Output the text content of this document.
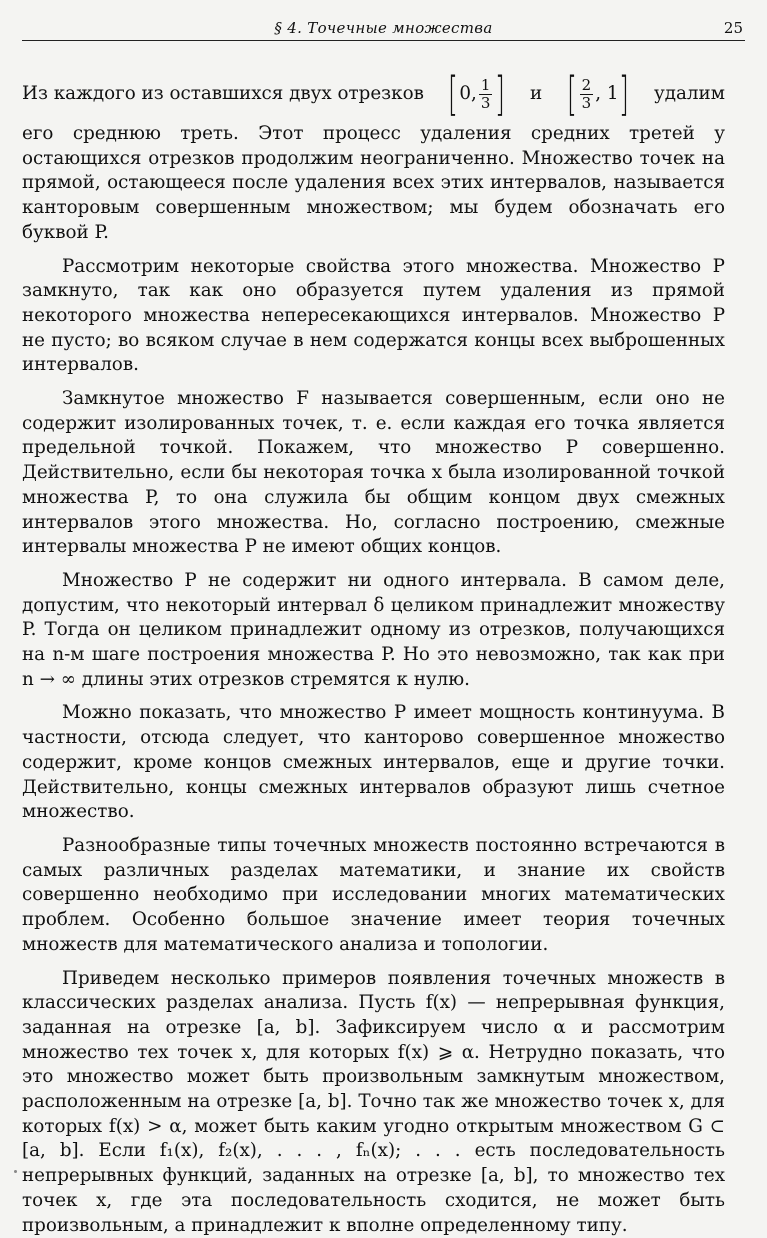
§ 4. Точечные множества	25
Из каждого из оставшихся двух отрезков [ 0, $\frac{1}{3}$ ] и [ $\frac{2}{3}$ , 1 ] удалим

его среднюю треть. Этот процесс удаления средних третей у остающихся отрезков продолжим неограниченно. Множество точек на прямой, остающееся после удаления всех этих интервалов, называется канторовым совершенным множеством; мы будем обозначать его буквой P.

Рассмотрим некоторые свойства этого множества. Множество P замкнуто, так как оно образуется путем удаления из прямой некоторого множества непересекающихся интервалов. Множество P не пусто; во всяком случае в нем содержатся концы всех выброшенных интервалов.

Замкнутое множество F называется совершенным, если оно не содержит изолированных точек, т. е. если каждая его точка является предельной точкой. Покажем, что множество P совершенно. Действительно, если бы некоторая точка x была изолированной точкой множества P, то она служила бы общим концом двух смежных интервалов этого множества. Но, согласно построению, смежные интервалы множества P не имеют общих концов.

Множество P не содержит ни одного интервала. В самом деле, допустим, что некоторый интервал δ целиком принадлежит множеству P. Тогда он целиком принадлежит одному из отрезков, получающихся на n-м шаге построения множества P. Но это невозможно, так как при n → ∞ длины этих отрезков стремятся к нулю.

Можно показать, что множество P имеет мощность континуума. В частности, отсюда следует, что канторово совершенное множество содержит, кроме концов смежных интервалов, еще и другие точки. Действительно, концы смежных интервалов образуют лишь счетное множество.

Разнообразные типы точечных множеств постоянно встречаются в самых различных разделах математики, и знание их свойств совершенно необходимо при исследовании многих математических проблем. Особенно большое значение имеет теория точечных множеств для математического анализа и топологии.

Приведем несколько примеров появления точечных множеств в классических разделах анализа. Пусть f(x) — непрерывная функция, заданная на отрезке [a, b]. Зафиксируем число α и рассмотрим множество тех точек x, для которых f(x) ⩾ α. Нетрудно показать, что это множество может быть произвольным замкнутым множеством, расположенным на отрезке [a, b]. Точно так же множество точек x, для которых f(x) > α, может быть каким угодно открытым множеством G ⊂ [a, b]. Если f₁(x), f₂(x), . . . , fₙ(x); . . . есть последовательность непрерывных функций, заданных на отрезке [a, b], то множество тех точек x, где эта последовательность сходится, не может быть произвольным, а принадлежит к вполне определенному типу.
